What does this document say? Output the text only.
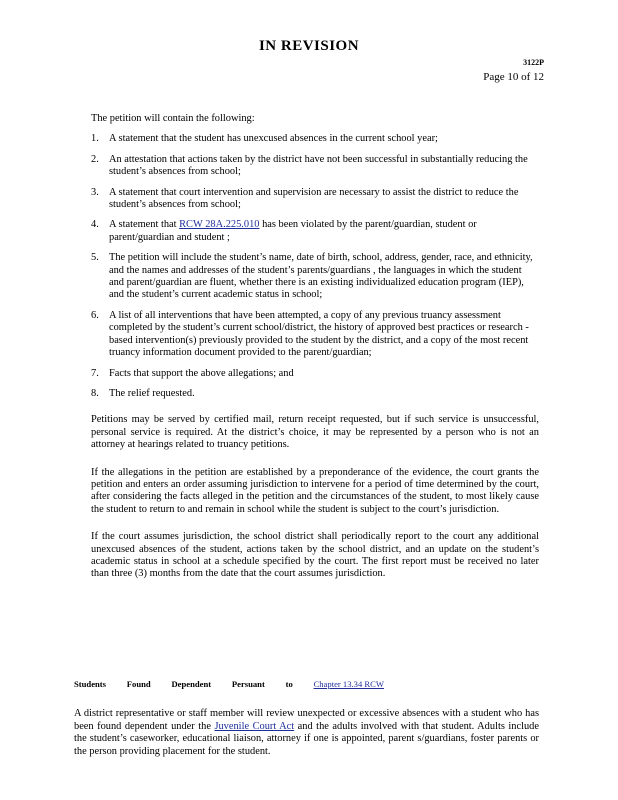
IN REVISION
3122P
Page 10 of 12

The petition will contain the following:

1. A statement that the student has unexcused absences in the current school year;
2. An attestation that actions taken by the district have not been successful in substantially reducing the student’s absences from school;
3. A statement that court intervention and supervision are necessary to assist the district to reduce the student’s absences from school;
4. A statement that RCW 28A.225.010 has been violated by the parent/guardian, student or parent/guardian and student ;
5. The petition will include the student’s name, date of birth, school, address, gender, race, and ethnicity, and the names and addresses of the student’s parents/guardians , the languages in which the student and parent/guardian are fluent, whether there is an existing individualized education program (IEP), and the student’s current academic status in school;
6. A list of all interventions that have been attempted, a copy of any previous truancy assessment completed by the student’s current school/district, the history of approved best practices or research -based intervention(s) previously provided to the student by the district, and a copy of the most recent truancy information document provided to the parent/guardian;
7. Facts that support the above allegations; and
8. The relief requested.

Petitions may be served by certified mail, return receipt requested, but if such service is unsuccessful, personal service is required. At the district’s choice, it may be represented by a person who is not an attorney at hearings related to truancy petitions.

If the allegations in the petition are established by a preponderance of the evidence, the court grants the petition and enters an order assuming jurisdiction to intervene for a period of time determined by the court, after considering the facts alleged in the petition and the circumstances of the student, to most likely cause the student to return to and remain in school while the student is subject to the court’s jurisdiction.

If the court assumes jurisdiction, the school district shall periodically report to the court any additional unexcused absences of the student, actions taken by the school district, and an update on the student’s academic status in school at a schedule specified by the court. The first report must be received no later than three (3) months from the date that the court assumes jurisdiction.

Students Found Dependent Persuant to Chapter 13.34 RCW

A district representative or staff member will review unexpected or excessive absences with a student who has been found dependent under the Juvenile Court Act and the adults involved with that student. Adults include the student’s caseworker, educational liaison, attorney if one is appointed, parent s/guardians, foster parents or the person providing placement for the student.
